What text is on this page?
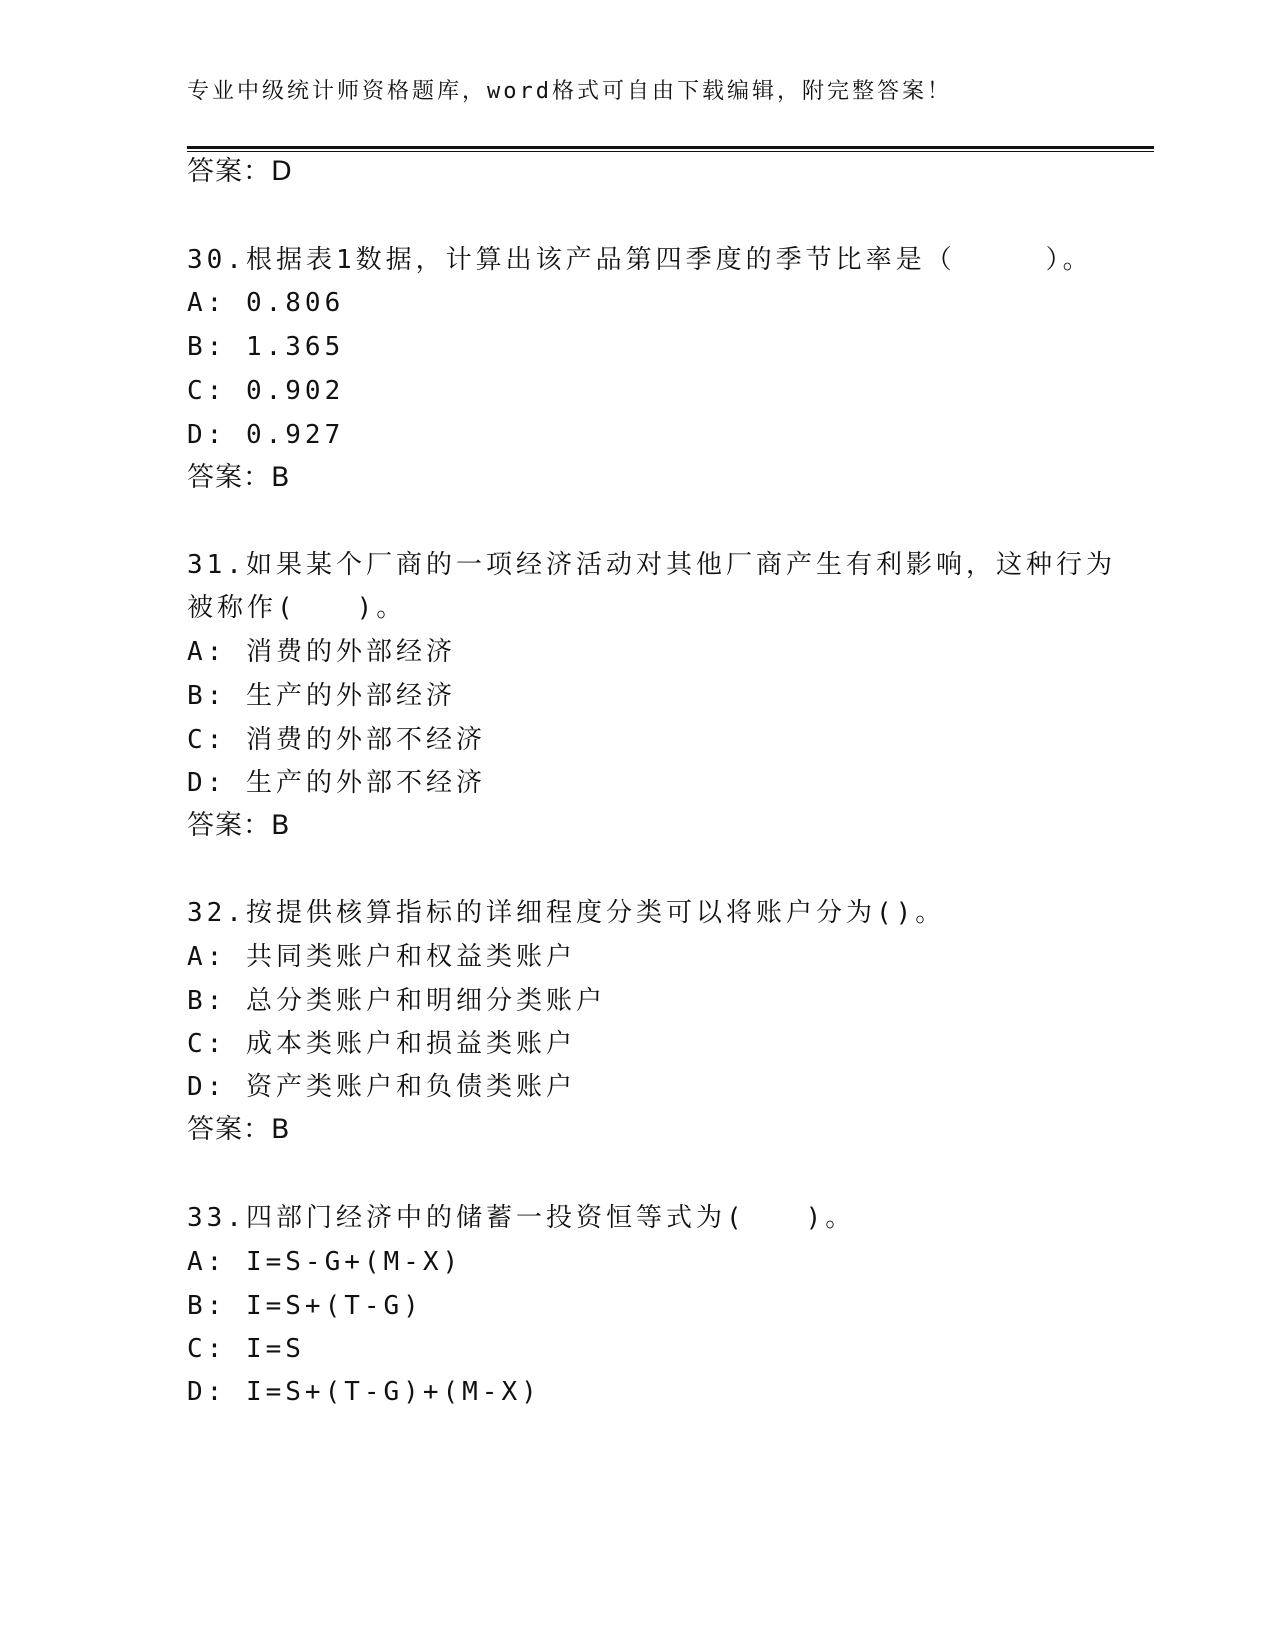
专业中级统计师资格题库，word格式可自由下载编辑，附完整答案！
答案：D
30.根据表1数据，计算出该产品第四季度的季节比率是（　　　）。
A: 0.806
B: 1.365
C: 0.902
D: 0.927
答案：B
31.如果某个厂商的一项经济活动对其他厂商产生有利影响，这种行为
被称作(　　)。
A: 消费的外部经济
B: 生产的外部经济
C: 消费的外部不经济
D: 生产的外部不经济
答案：B
32.按提供核算指标的详细程度分类可以将账户分为()。
A: 共同类账户和权益类账户
B: 总分类账户和明细分类账户
C: 成本类账户和损益类账户
D: 资产类账户和负债类账户
答案：B
33.四部门经济中的储蓄一投资恒等式为(　　)。
A: I=S-G+(M-X)
B: I=S+(T-G)
C: I=S
D: I=S+(T-G)+(M-X)
